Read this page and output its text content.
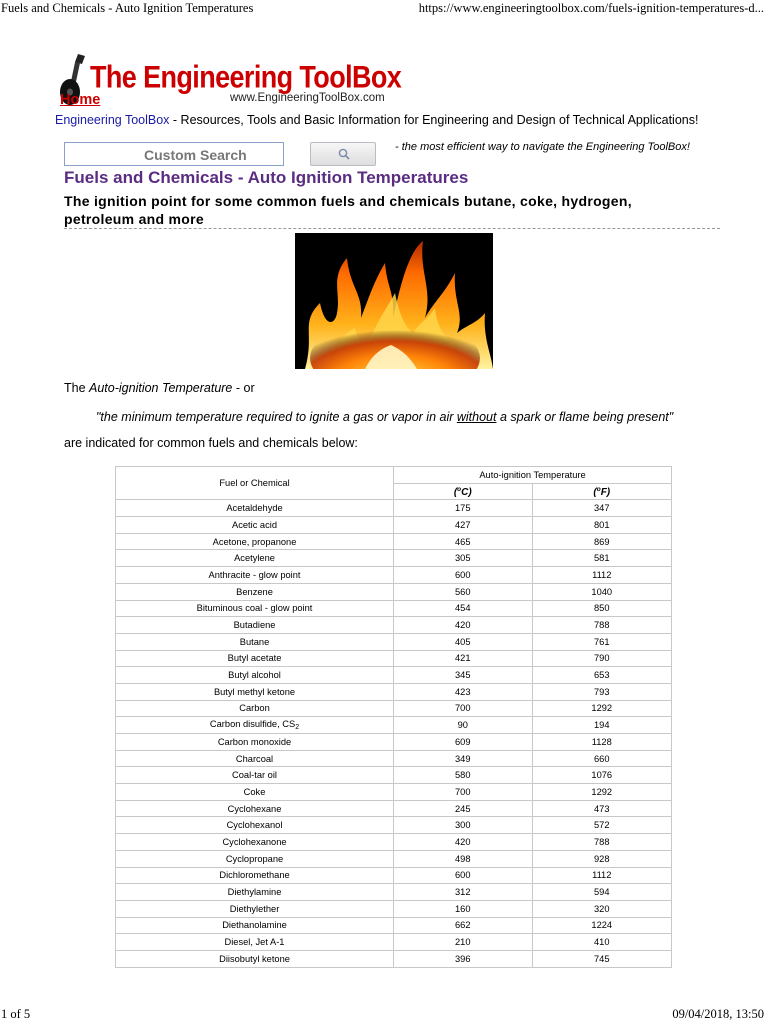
Fuels and Chemicals - Auto Ignition Temperatures	https://www.engineeringtoolbox.com/fuels-ignition-temperatures-d...
The Engineering ToolBox
Home	www.EngineeringToolBox.com
Engineering ToolBox - Resources, Tools and Basic Information for Engineering and Design of Technical Applications!
Custom Search	- the most efficient way to navigate the Engineering ToolBox!
Fuels and Chemicals - Auto Ignition Temperatures
The ignition point for some common fuels and chemicals butane, coke, hydrogen, petroleum and more
The Auto-ignition Temperature - or
"the minimum temperature required to ignite a gas or vapor in air without a spark or flame being present"
are indicated for common fuels and chemicals below:
Fuel or Chemical	Auto-ignition Temperature	
	($^o$C)	($^o$F)
Acetaldehyde	175	347
Acetic acid	427	801
Acetone, propanone	465	869
Acetylene	305	581
Anthracite - glow point	600	1112
Benzene	560	1040
Bituminous coal - glow point	454	850
Butadiene	420	788
Butane	405	761
Butyl acetate	421	790
Butyl alcohol	345	653
Butyl methyl ketone	423	793
Carbon	700	1292
Carbon disulfide, $CS_2$	90	194
Carbon monoxide	609	1128
Charcoal	349	660
Coal-tar oil	580	1076
Coke	700	1292
Cyclohexane	245	473
Cyclohexanol	300	572
Cyclohexanone	420	788
Cyclopropane	498	928
Dichloromethane	600	1112
Diethylamine	312	594
Diethylether	160	320
Diethanolamine	662	1224
Diesel, Jet A-1	210	410
Diisobutyl ketone	396	745
1 of 5	09/04/2018, 13:50
